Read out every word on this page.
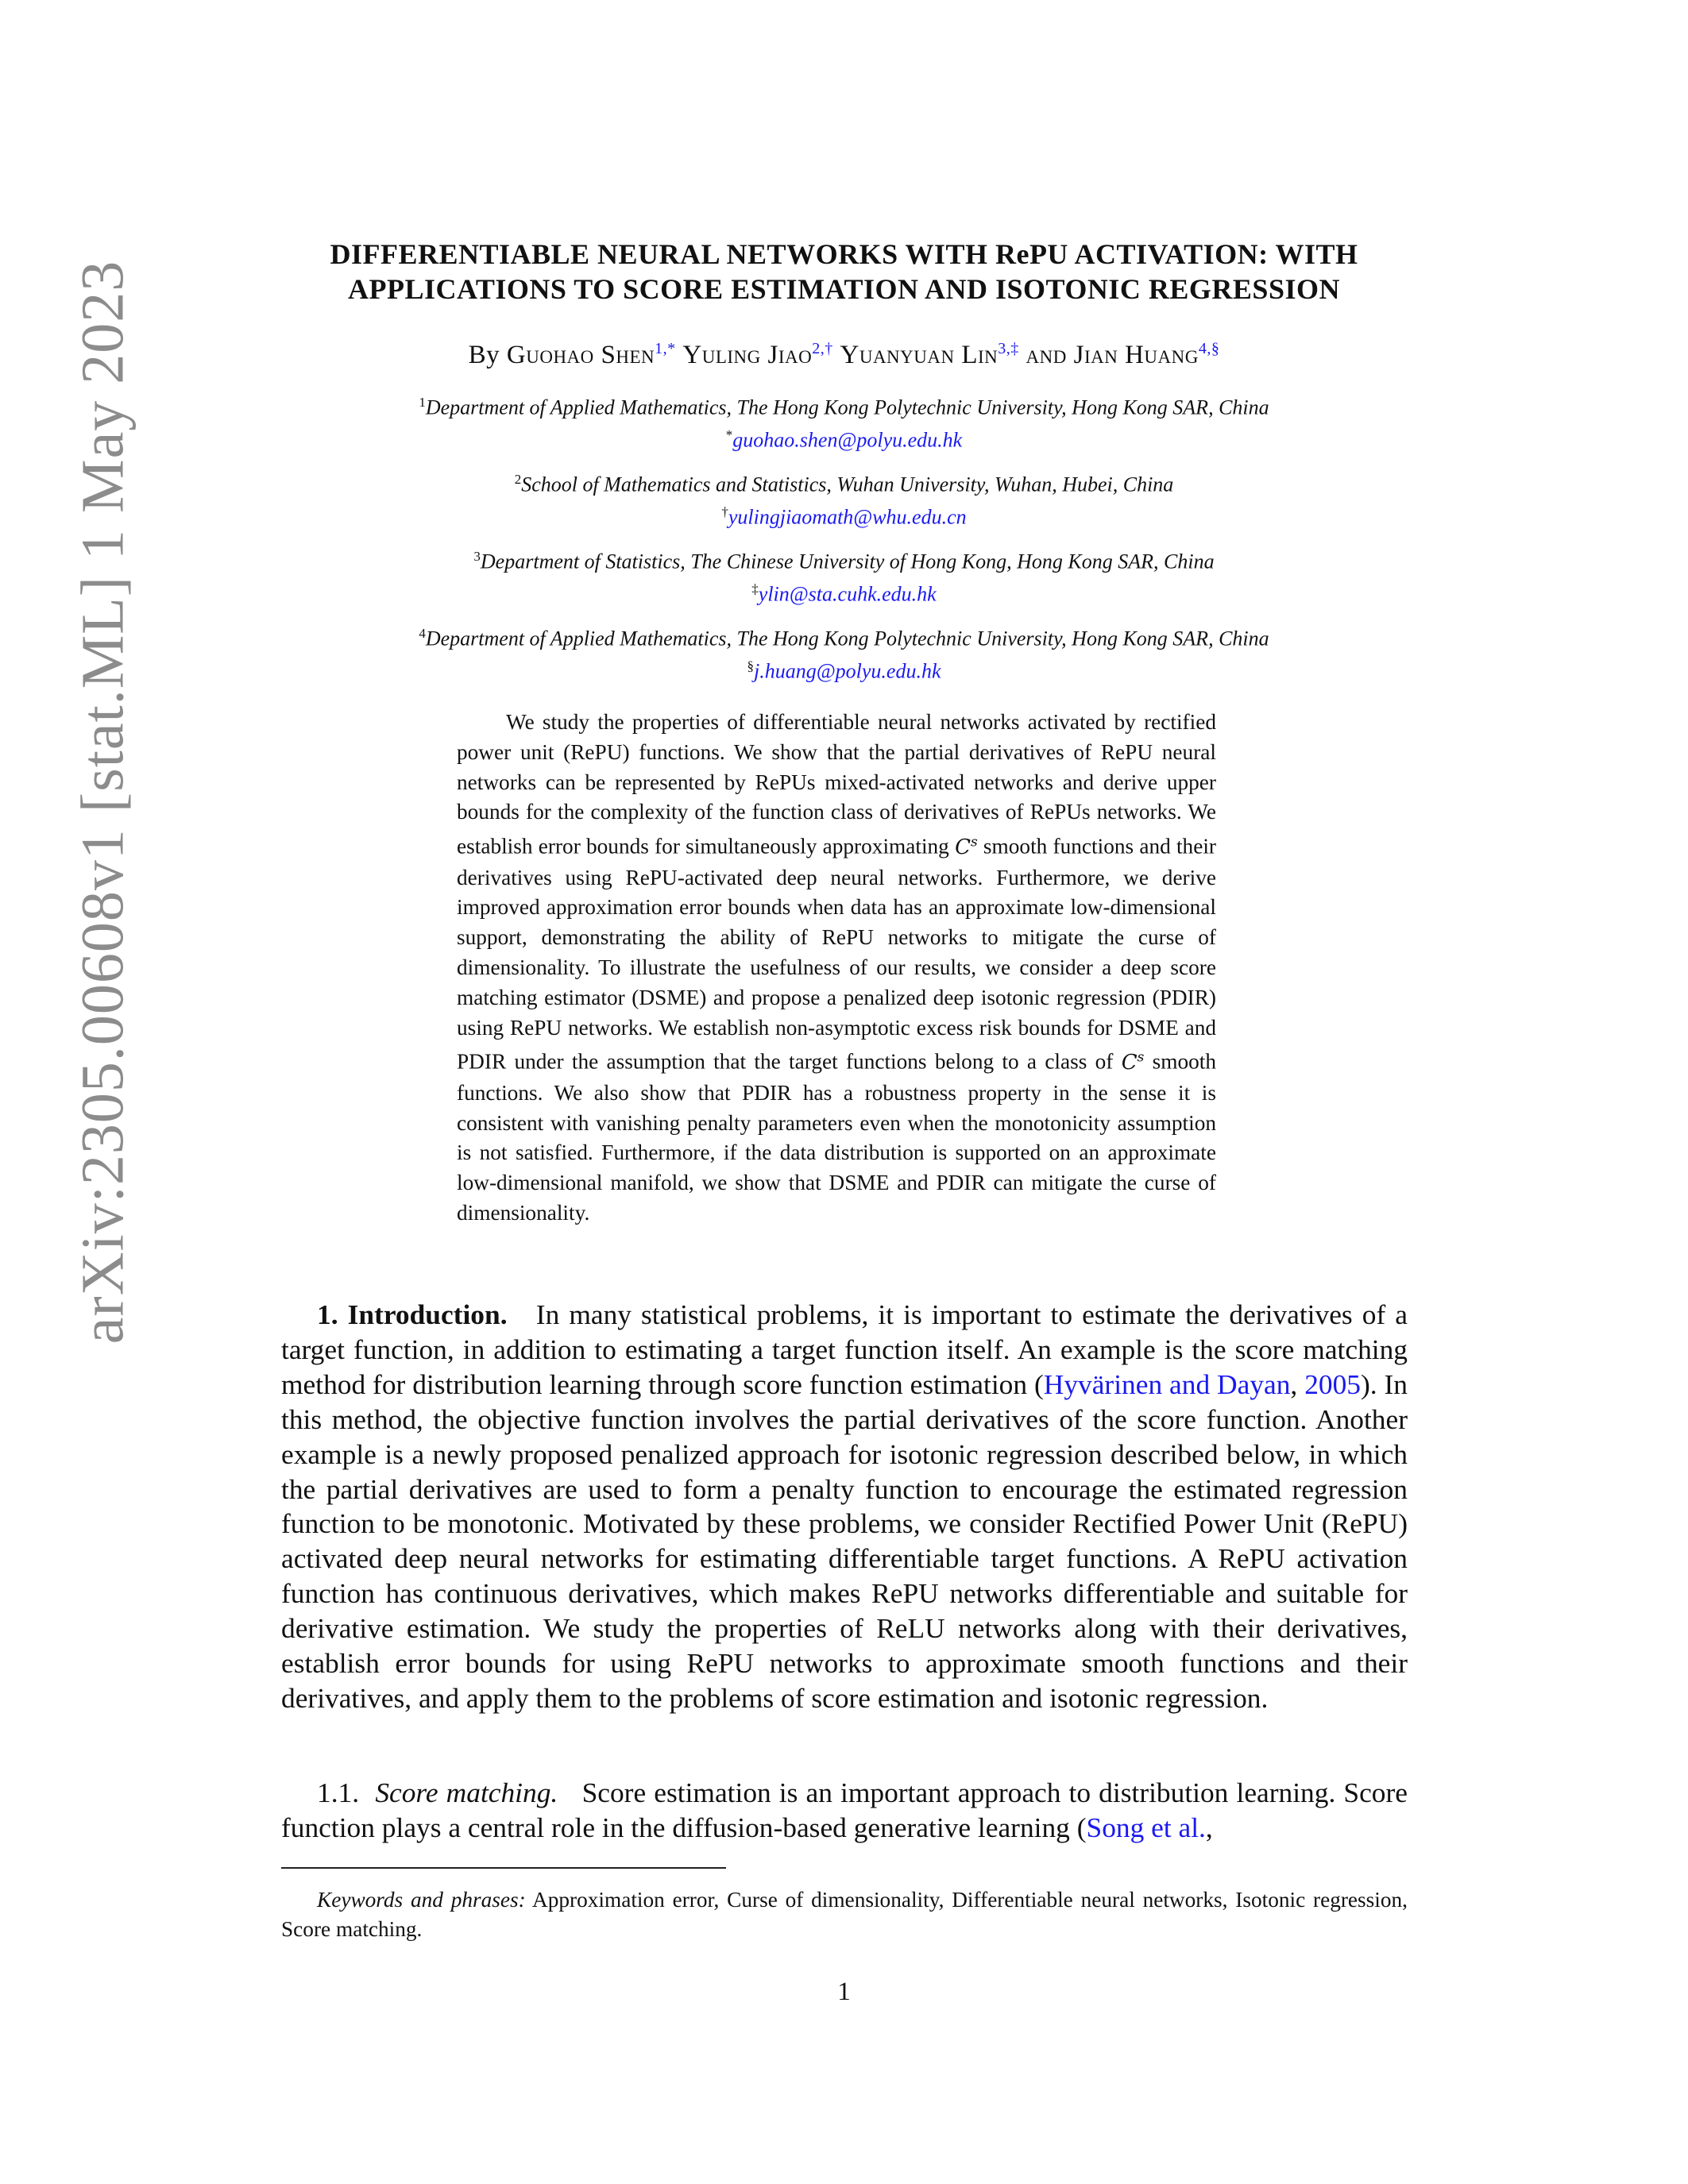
arXiv:2305.00608v1 [stat.ML] 1 May 2023
DIFFERENTIABLE NEURAL NETWORKS WITH RePU ACTIVATION: WITH
APPLICATIONS TO SCORE ESTIMATION AND ISOTONIC REGRESSION
By Guohao Shen$^{1,*}$ Yuling Jiao$^{2,\dagger}$ Yuanyuan Lin$^{3,\ddagger}$ and Jian Huang$^{4,\S}$
$^1$Department of Applied Mathematics, The Hong Kong Polytechnic University, Hong Kong SAR, China
*guohao.shen@polyu.edu.hk
$^2$School of Mathematics and Statistics, Wuhan University, Wuhan, Hubei, China
†yulingjiaomath@whu.edu.cn
$^3$Department of Statistics, The Chinese University of Hong Kong, Hong Kong SAR, China
‡ylin@sta.cuhk.edu.hk
$^4$Department of Applied Mathematics, The Hong Kong Polytechnic University, Hong Kong SAR, China
§j.huang@polyu.edu.hk

We study the properties of differentiable neural networks activated by rectified power unit (RePU) functions. We show that the partial derivatives of RePU neural networks can be represented by RePUs mixed-activated networks and derive upper bounds for the complexity of the function class of derivatives of RePUs networks. We establish error bounds for simultaneously approximating $C^s$ smooth functions and their derivatives using RePU-activated deep neural networks. Furthermore, we derive improved approximation error bounds when data has an approximate low-dimensional support, demonstrating the ability of RePU networks to mitigate the curse of dimensionality. To illustrate the usefulness of our results, we consider a deep score matching estimator (DSME) and propose a penalized deep isotonic regression (PDIR) using RePU networks. We establish non-asymptotic excess risk bounds for DSME and PDIR under the assumption that the target functions belong to a class of $C^s$ smooth functions. We also show that PDIR has a robustness property in the sense it is consistent with vanishing penalty parameters even when the monotonicity assumption is not satisfied. Furthermore, if the data distribution is supported on an approximate low-dimensional manifold, we show that DSME and PDIR can mitigate the curse of dimensionality.

1. Introduction. In many statistical problems, it is important to estimate the derivatives of a target function, in addition to estimating a target function itself. An example is the score matching method for distribution learning through score function estimation (Hyvärinen and Dayan, 2005). In this method, the objective function involves the partial derivatives of the score function. Another example is a newly proposed penalized approach for isotonic regression described below, in which the partial derivatives are used to form a penalty function to encourage the estimated regression function to be monotonic. Motivated by these problems, we consider Rectified Power Unit (RePU) activated deep neural networks for estimating differentiable target functions. A RePU activation function has continuous derivatives, which makes RePU networks differentiable and suitable for derivative estimation. We study the properties of ReLU networks along with their derivatives, establish error bounds for using RePU networks to approximate smooth functions and their derivatives, and apply them to the problems of score estimation and isotonic regression.

1.1. Score matching. Score estimation is an important approach to distribution learning. Score function plays a central role in the diffusion-based generative learning (Song et al.,

Keywords and phrases: Approximation error, Curse of dimensionality, Differentiable neural networks, Isotonic regression, Score matching.

1
